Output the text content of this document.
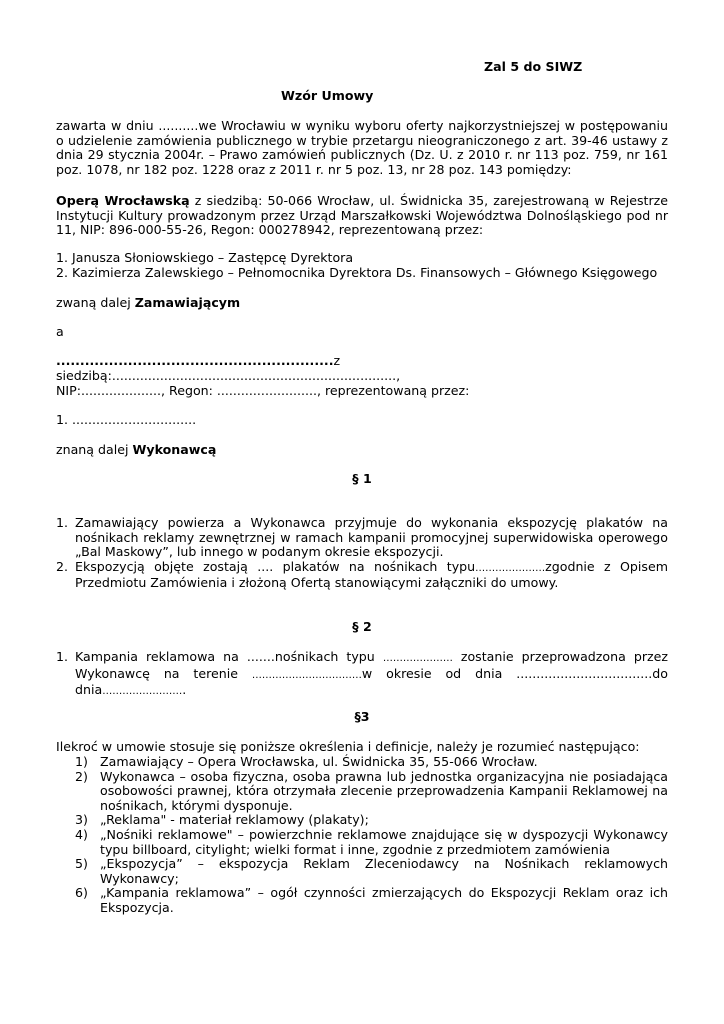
Zal 5 do SIWZ

Wzór Umowy

zawarta w dniu ..........we Wrocławiu w wyniku wyboru oferty najkorzystniejszej w postępowaniu o udzielenie zamówienia publicznego w trybie przetargu nieograniczonego z art. 39-46 ustawy z dnia 29 stycznia 2004r. – Prawo zamówień publicznych (Dz. U. z 2010 r. nr 113 poz. 759, nr 161 poz. 1078, nr 182 poz. 1228 oraz z 2011 r. nr 5 poz. 13, nr 28 poz. 143 pomiędzy:

Operą Wrocławską z siedzibą: 50-066 Wrocław, ul. Świdnicka 35, zarejestrowaną w Rejestrze Instytucji Kultury prowadzonym przez Urząd Marszałkowski Województwa Dolnośląskiego pod nr 11, NIP: 896-000-55-26, Regon: 000278942, reprezentowaną przez:

1. Janusza Słoniowskiego – Zastępcę Dyrektora

2. Kazimierza Zalewskiego – Pełnomocnika Dyrektora Ds. Finansowych – Głównego Księgowego

zwaną dalej Zamawiającym

a

..........................................................z

siedzibą:.......................................................................,

NIP:...................., Regon: ........................., reprezentowaną przez:

1. ...............................

znaną dalej Wykonawcą

§ 1

1. Zamawiający powierza a Wykonawca przyjmuje do wykonania ekspozycję plakatów na nośnikach reklamy zewnętrznej w ramach kampanii promocyjnej superwidowiska operowego „Bal Maskowy”, lub innego w podanym okresie ekspozycji.
2. Ekspozycją objęte zostają .... plakatów na nośnikach typu…………………zgodnie z Opisem Przedmiotu Zamówienia i złożoną Ofertą stanowiącymi załączniki do umowy.

§ 2

1. Kampania reklamowa na .......nośnikach typu ………………… zostanie przeprowadzona przez Wykonawcę na terenie ……………………………w okresie od dnia ..................................do dnia…………………….

§3

Ilekroć w umowie stosuje się poniższe określenia i definicje, należy je rozumieć następująco:

1) Zamawiający – Opera Wrocławska, ul. Świdnicka 35, 55-066 Wrocław.
2) Wykonawca – osoba fizyczna, osoba prawna lub jednostka organizacyjna nie posiadająca osobowości prawnej, która otrzymała zlecenie przeprowadzenia Kampanii Reklamowej na nośnikach, którymi dysponuje.
3) „Reklama" - materiał reklamowy (plakaty);
4) „Nośniki reklamowe" – powierzchnie reklamowe znajdujące się w dyspozycji Wykonawcy typu billboard, citylight; wielki format i inne, zgodnie z przedmiotem zamówienia
5) „Ekspozycja” – ekspozycja Reklam Zleceniodawcy na Nośnikach reklamowych Wykonawcy;
6) „Kampania reklamowa” – ogół czynności zmierzających do Ekspozycji Reklam oraz ich Ekspozycja.
